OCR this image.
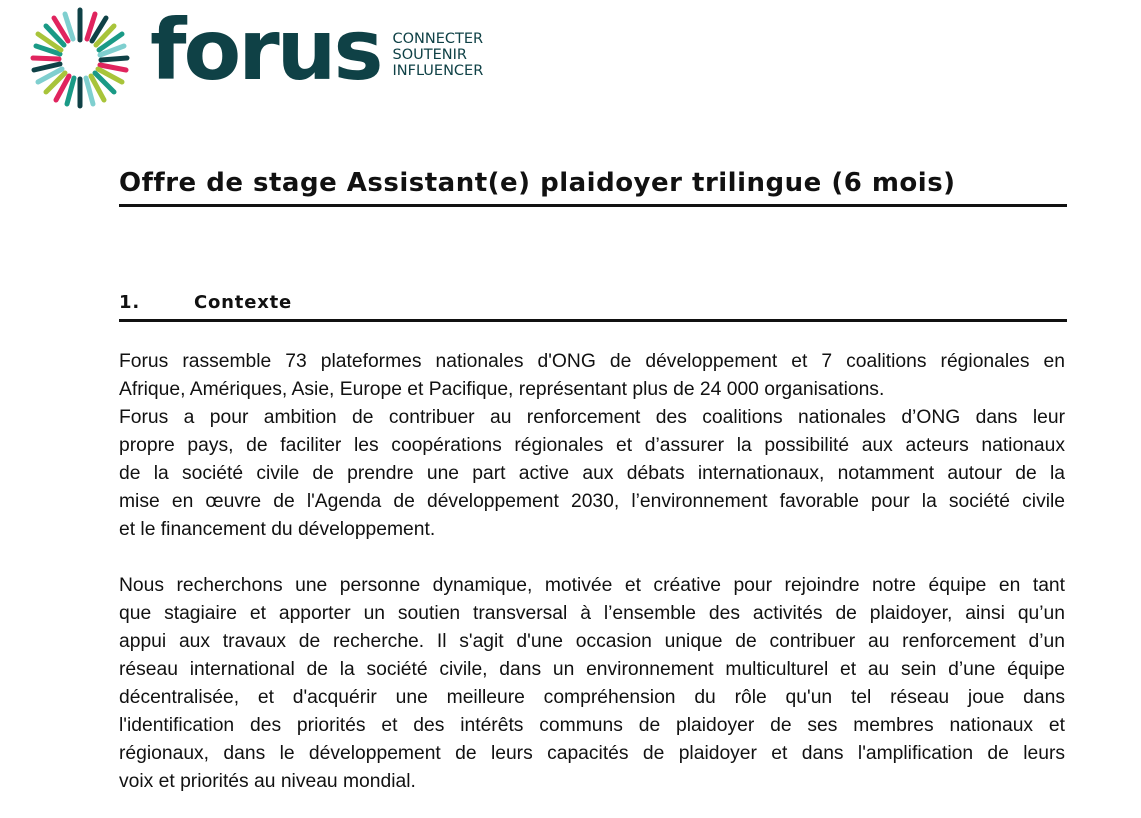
forus CONNECTER
SOUTENIR
INFLUENCER
Offre de stage Assistant(e) plaidoyer trilingue (6 mois)
1.	Contexte
Forus rassemble 73 plateformes nationales d'ONG de développement et 7 coalitions régionales en
Afrique, Amériques, Asie, Europe et Pacifique, représentant plus de 24 000 organisations.
Forus a pour ambition de contribuer au renforcement des coalitions nationales d’ONG dans leur
propre pays, de faciliter les coopérations régionales et d’assurer la possibilité aux acteurs nationaux
de la société civile de prendre une part active aux débats internationaux, notamment autour de la
mise en œuvre de l'Agenda de développement 2030, l’environnement favorable pour la société civile
et le financement du développement.
Nous recherchons une personne dynamique, motivée et créative pour rejoindre notre équipe en tant
que stagiaire et apporter un soutien transversal à l’ensemble des activités de plaidoyer, ainsi qu’un
appui aux travaux de recherche. Il s'agit d'une occasion unique de contribuer au renforcement d’un
réseau international de la société civile, dans un environnement multiculturel et au sein d’une équipe
décentralisée, et d'acquérir une meilleure compréhension du rôle qu'un tel réseau joue dans
l'identification des priorités et des intérêts communs de plaidoyer de ses membres nationaux et
régionaux, dans le développement de leurs capacités de plaidoyer et dans l'amplification de leurs
voix et priorités au niveau mondial.
